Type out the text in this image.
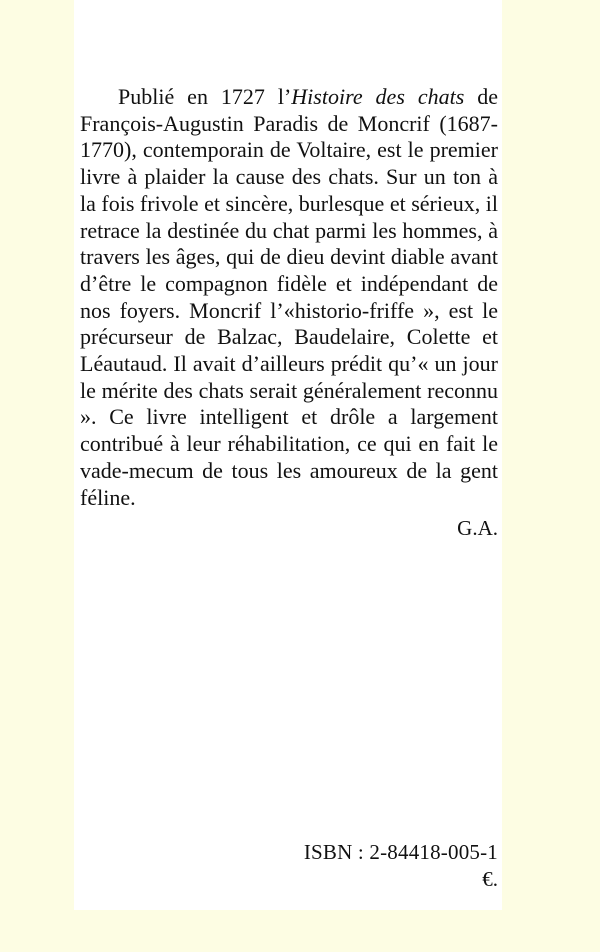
Publié en 1727 l’Histoire des chats de François-Augustin Paradis de Moncrif (1687-1770), contemporain de Voltaire, est le premier livre à plaider la cause des chats. Sur un ton à la fois frivole et sincère, burlesque et sérieux, il retrace la destinée du chat parmi les hommes, à travers les âges, qui de dieu devint diable avant d’être le compagnon fidèle et indépendant de nos foyers. Moncrif l’«historio-friffe », est le précurseur de Balzac, Baudelaire, Colette et Léautaud. Il avait d’ailleurs prédit qu’« un jour le mérite des chats serait généralement reconnu ». Ce livre intelligent et drôle a largement contribué à leur réhabilitation, ce qui en fait le vade-mecum de tous les amoureux de la gent féline.

G.A.
ISBN : 2-84418-005-1
€.
